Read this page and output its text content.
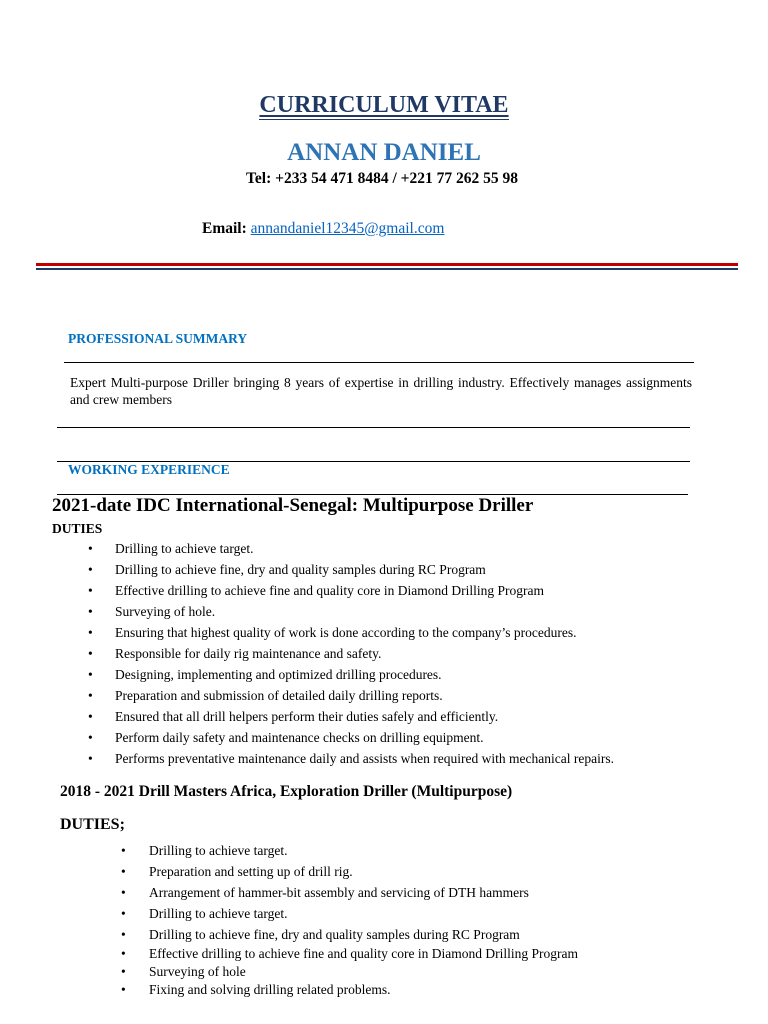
CURRICULUM VITAE
ANNAN DANIEL
Tel: +233 54 471 8484 / +221 77 262 55 98
Email: annandaniel12345@gmail.com
PROFESSIONAL SUMMARY
Expert Multi-purpose Driller bringing 8 years of expertise in drilling industry. Effectively manages assignments and crew members
WORKING EXPERIENCE
2021-date IDC International-Senegal: Multipurpose Driller
DUTIES
• Drilling to achieve target.
• Drilling to achieve fine, dry and quality samples during RC Program
• Effective drilling to achieve fine and quality core in Diamond Drilling Program
• Surveying of hole.
• Ensuring that highest quality of work is done according to the company’s procedures.
• Responsible for daily rig maintenance and safety.
• Designing, implementing and optimized drilling procedures.
• Preparation and submission of detailed daily drilling reports.
• Ensured that all drill helpers perform their duties safely and efficiently.
• Perform daily safety and maintenance checks on drilling equipment.
• Performs preventative maintenance daily and assists when required with mechanical repairs.
2018 - 2021 Drill Masters Africa, Exploration Driller (Multipurpose)
DUTIES;
• Drilling to achieve target.
• Preparation and setting up of drill rig.
• Arrangement of hammer-bit assembly and servicing of DTH hammers
• Drilling to achieve target.
• Drilling to achieve fine, dry and quality samples during RC Program
• Effective drilling to achieve fine and quality core in Diamond Drilling Program
• Surveying of hole
• Fixing and solving drilling related problems.
